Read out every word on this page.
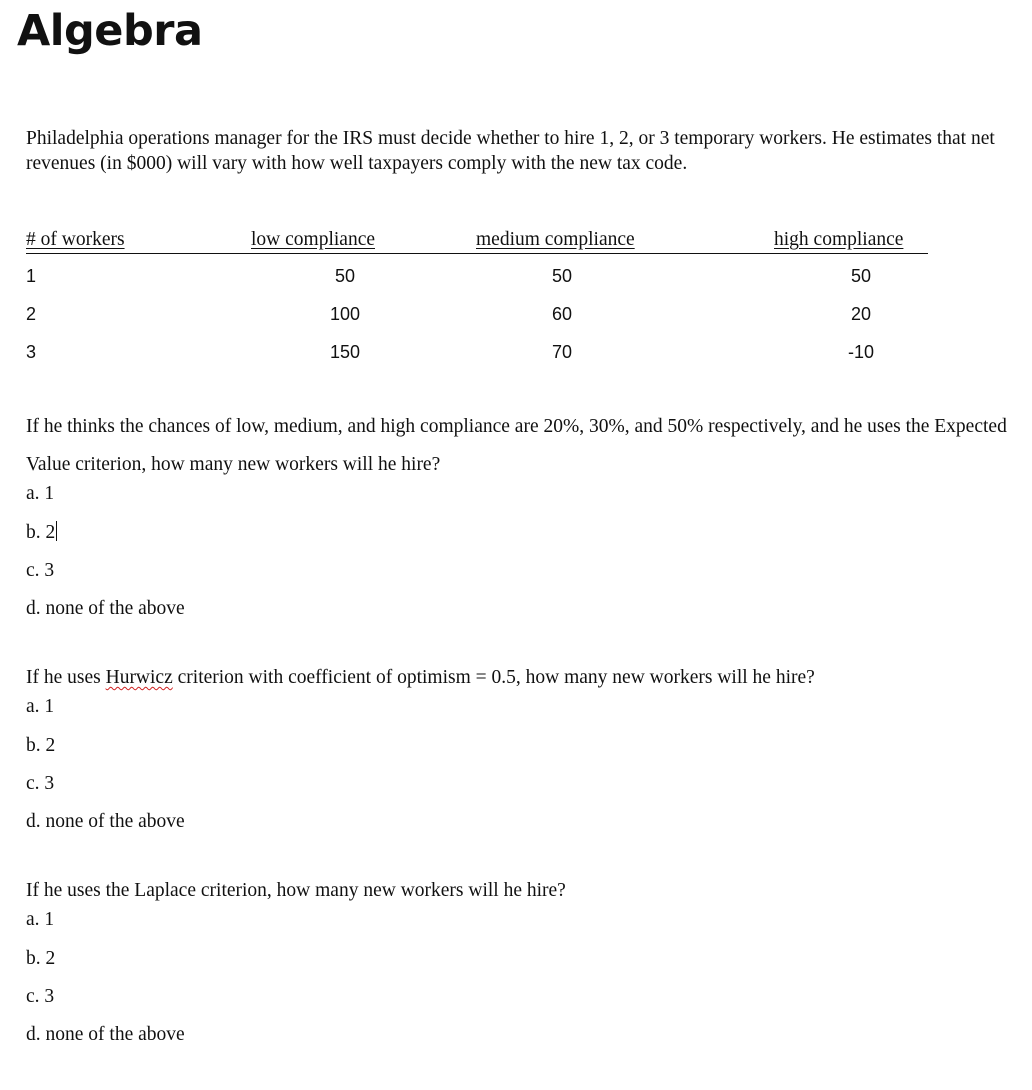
Algebra

Philadelphia operations manager for the IRS must decide whether to hire 1, 2, or 3 temporary workers. He estimates that net revenues (in $000) will vary with how well taxpayers comply with the new tax code.

# of workers	low compliance	medium compliance	high compliance
1	50	50	50
2	100	60	20
3	150	70	-10

If he thinks the chances of low, medium, and high compliance are 20%, 30%, and 50% respectively, and he uses the Expected Value criterion, how many new workers will he hire?

a. 1
b. 2
c. 3
d. none of the above

If he uses Hurwicz criterion with coefficient of optimism = 0.5, how many new workers will he hire?

a. 1
b. 2
c. 3
d. none of the above

If he uses the Laplace criterion, how many new workers will he hire?

a. 1
b. 2
c. 3
d. none of the above
